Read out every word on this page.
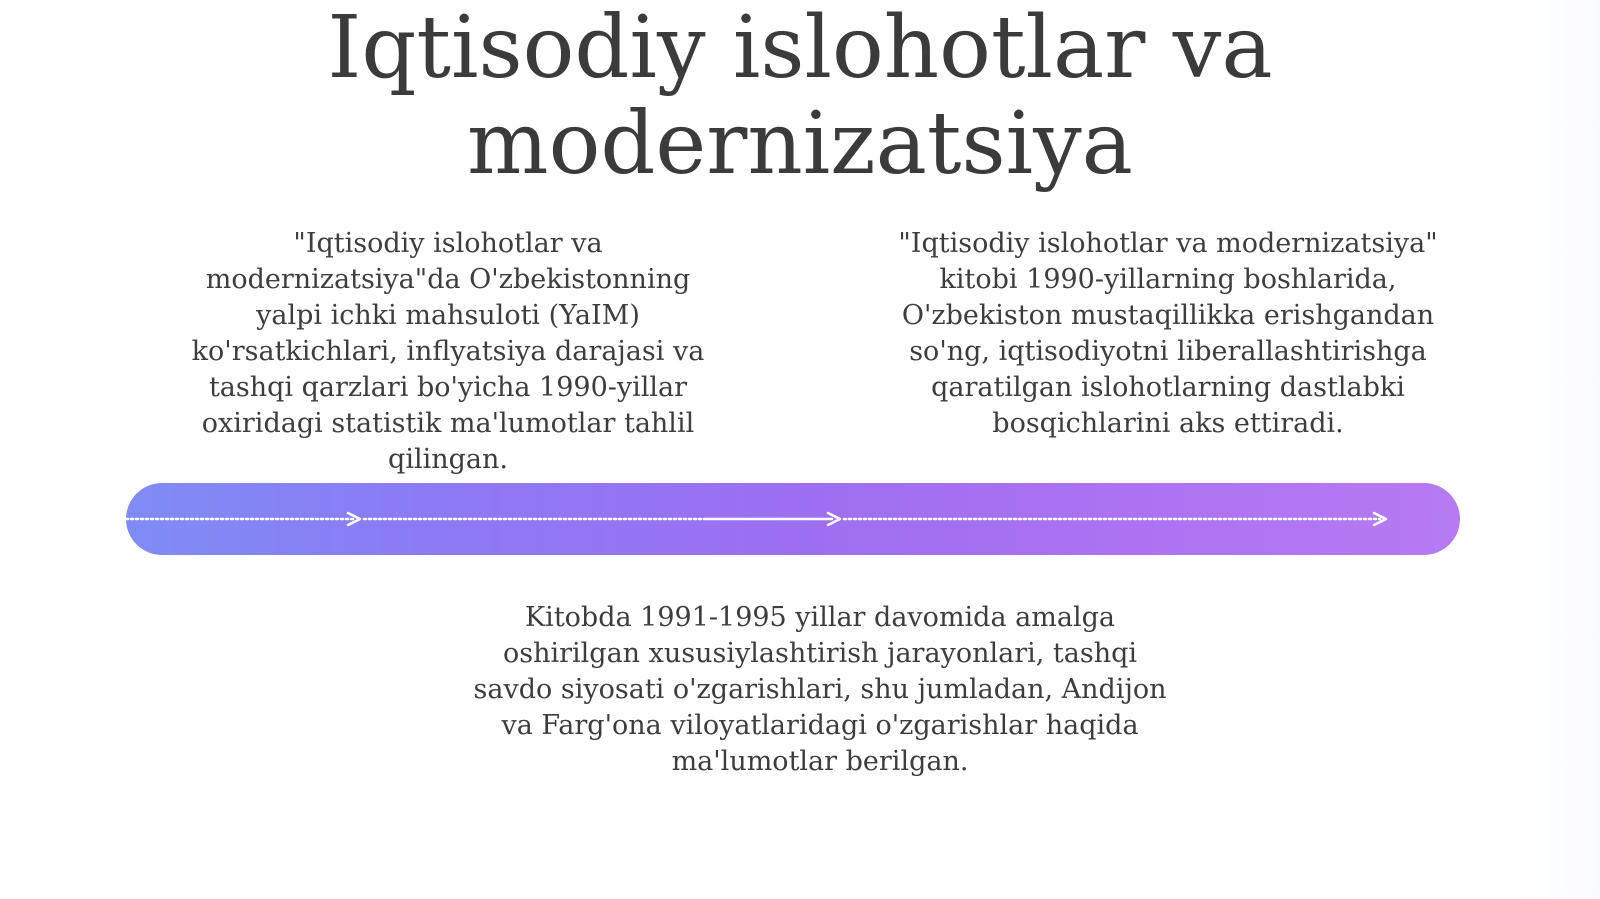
Iqtisodiy islohotlar va
modernizatsiya

"Iqtisodiy islohotlar va modernizatsiya"da O'zbekistonning yalpi ichki mahsuloti (YaIM) ko'rsatkichlari, inflyatsiya darajasi va tashqi qarzlari bo'yicha 1990-yillar oxiridagi statistik ma'lumotlar tahlil qilingan.

"Iqtisodiy islohotlar va modernizatsiya" kitobi 1990-yillarning boshlarida, O'zbekiston mustaqillikka erishgandan so'ng, iqtisodiyotni liberallashtirishga qaratilgan islohotlarning dastlabki bosqichlarini aks ettiradi.

Kitobda 1991-1995 yillar davomida amalga oshirilgan xususiylashtirish jarayonlari, tashqi savdo siyosati o'zgarishlari, shu jumladan, Andijon va Farg'ona viloyatlaridagi o'zgarishlar haqida ma'lumotlar berilgan.
